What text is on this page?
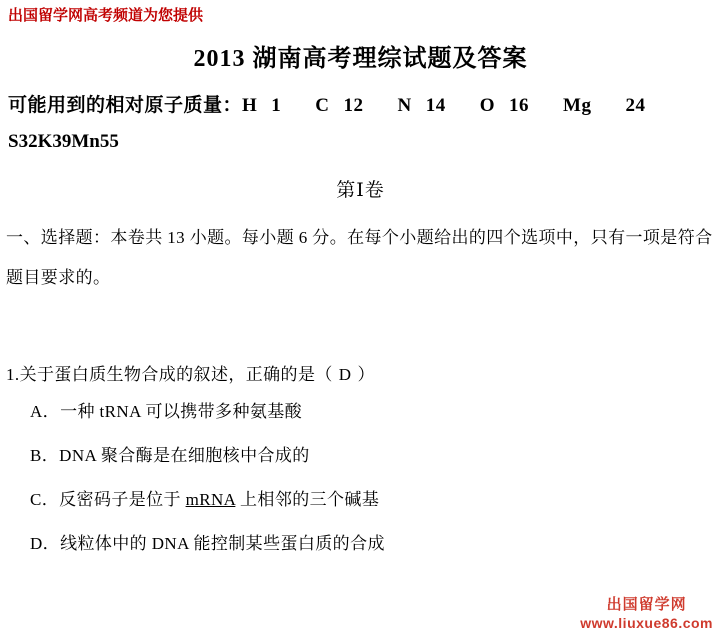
出国留学网高考频道为您提供
2013 湖南高考理综试题及答案
可能用到的相对原子质量：H 1 C 12 N 14 O 16 Mg 24
S32K39Mn55
第Ⅰ卷
一、选择题：本卷共 13 小题。每小题 6 分。在每个小题给出的四个选项中，只有一项是符合题目要求的。
1.关于蛋白质生物合成的叙述，正确的是（ D ）
A．一种 tRNA 可以携带多种氨基酸
B．DNA 聚合酶是在细胞核中合成的
C．反密码子是位于 mRNA 上相邻的三个碱基
D．线粒体中的 DNA 能控制某些蛋白质的合成
出国留学网
www.liuxue86.com
